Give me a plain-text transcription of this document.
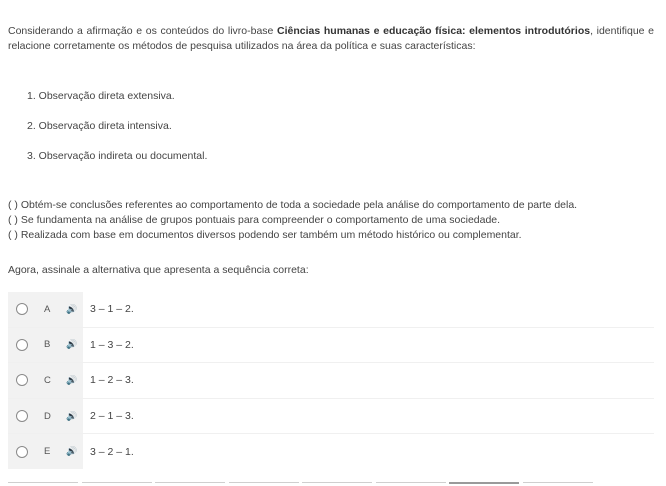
Considerando a afirmação e os conteúdos do livro-base Ciências humanas e educação física: elementos introdutórios, identifique e relacione corretamente os métodos de pesquisa utilizados na área da política e suas características:

1. Observação direta extensiva.

2. Observação direta intensiva.

3. Observação indireta ou documental.

( ) Obtém-se conclusões referentes ao comportamento de toda a sociedade pela análise do comportamento de parte dela.

( ) Se fundamenta na análise de grupos pontuais para compreender o comportamento de uma sociedade.

( ) Realizada com base em documentos diversos podendo ser também um método histórico ou complementar.

Agora, assinale a alternativa que apresenta a sequência correta:

A 🔊 3 – 1 – 2.
B 🔊 1 – 3 – 2.
C 🔊 1 – 2 – 3.
D 🔊 2 – 1 – 3.
E 🔊 3 – 2 – 1.
